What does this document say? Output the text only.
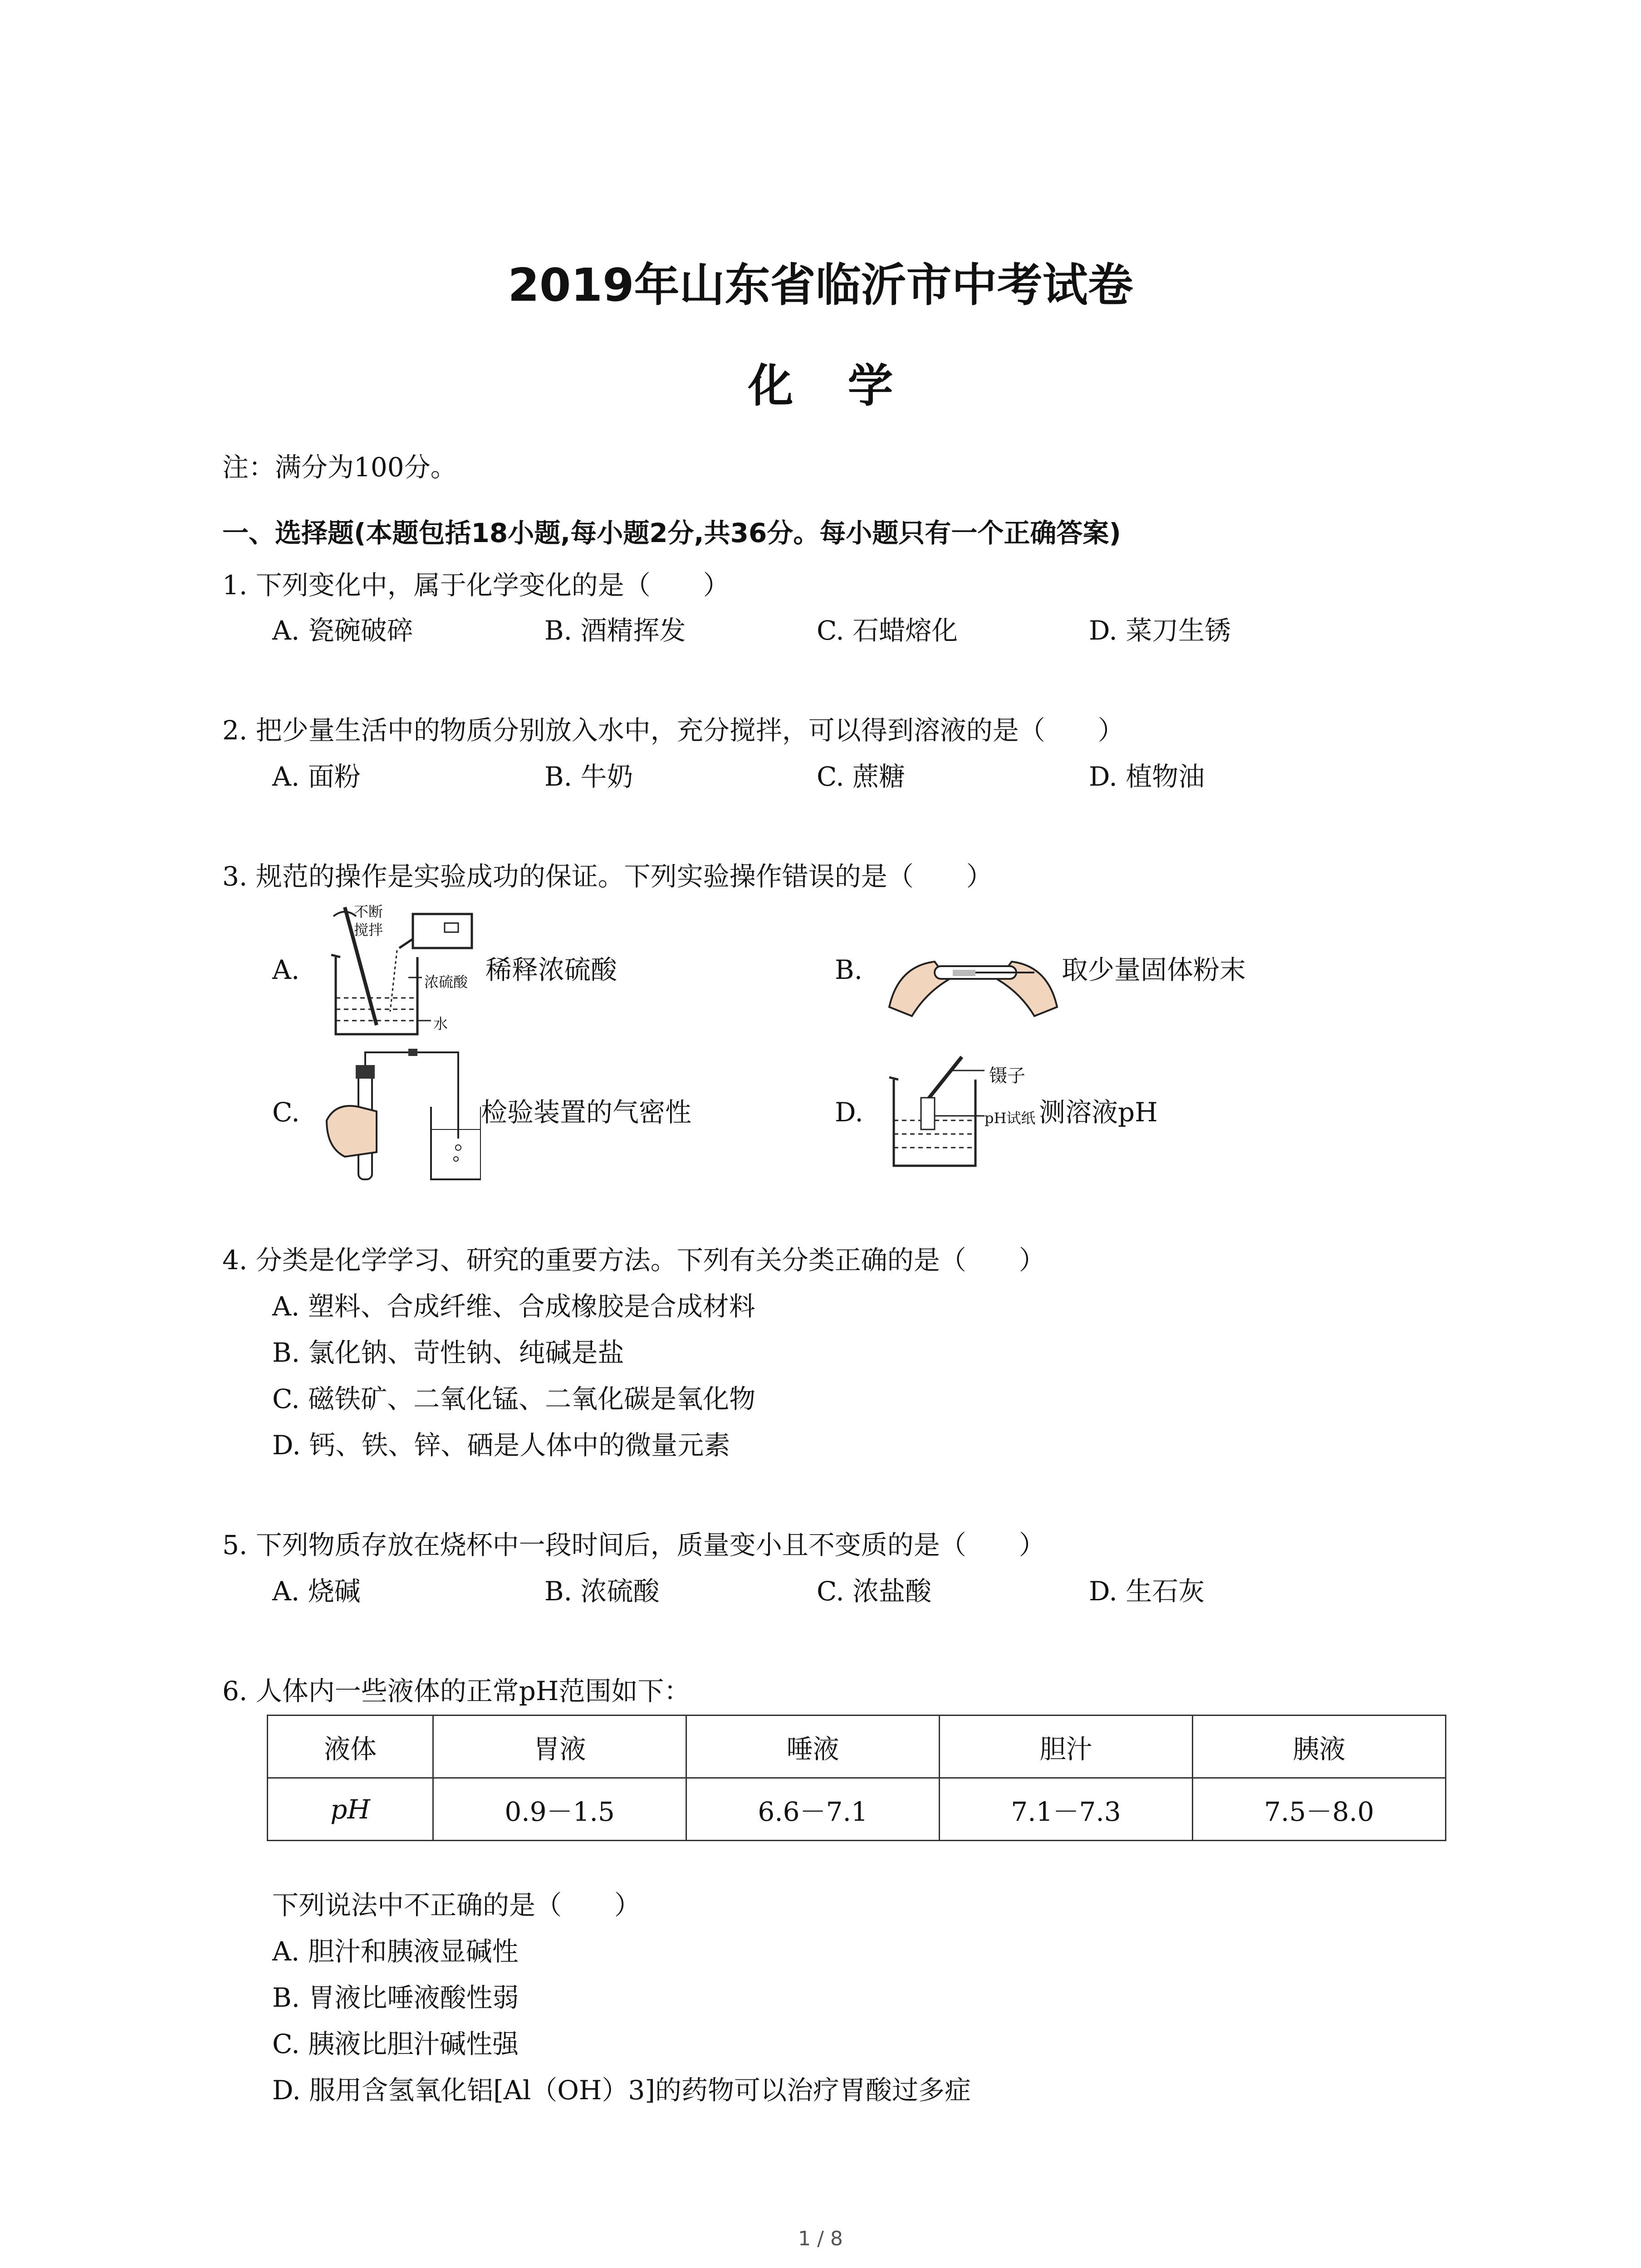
2019年山东省临沂市中考试卷
化学
注：满分为100分。
一、选择题(本题包括18小题,每小题2分,共36分。每小题只有一个正确答案)
1. 下列变化中，属于化学变化的是（　　）
A. 瓷碗破碎	B. 酒精挥发	C. 石蜡熔化	D. 菜刀生锈
2. 把少量生活中的物质分别放入水中，充分搅拌，可以得到溶液的是（　　）
A. 面粉	B. 牛奶	C. 蔗糖	D. 植物油
3. 规范的操作是实验成功的保证。下列实验操作错误的是（　　）
A.
不断
搅拌
浓硫酸
水
稀释浓硫酸	B.	取少量固体粉末
C.	检验装置的气密性	D.
镊子
pH试纸 测溶液pH
4. 分类是化学学习、研究的重要方法。下列有关分类正确的是（　　）
A. 塑料、合成纤维、合成橡胶是合成材料
B. 氯化钠、苛性钠、纯碱是盐
C. 磁铁矿、二氧化锰、二氧化碳是氧化物
D. 钙、铁、锌、硒是人体中的微量元素
5. 下列物质存放在烧杯中一段时间后，质量变小且不变质的是（　　）
A. 烧碱	B. 浓硫酸	C. 浓盐酸	D. 生石灰
6. 人体内一些液体的正常pH范围如下：
液体	胃液	唾液	胆汁	胰液
pH	0.9－1.5	6.6－7.1	7.1－7.3	7.5－8.0
下列说法中不正确的是（　　）
A. 胆汁和胰液显碱性
B. 胃液比唾液酸性弱
C. 胰液比胆汁碱性强
D. 服用含氢氧化铝[Al（OH）3]的药物可以治疗胃酸过多症
1 / 8
